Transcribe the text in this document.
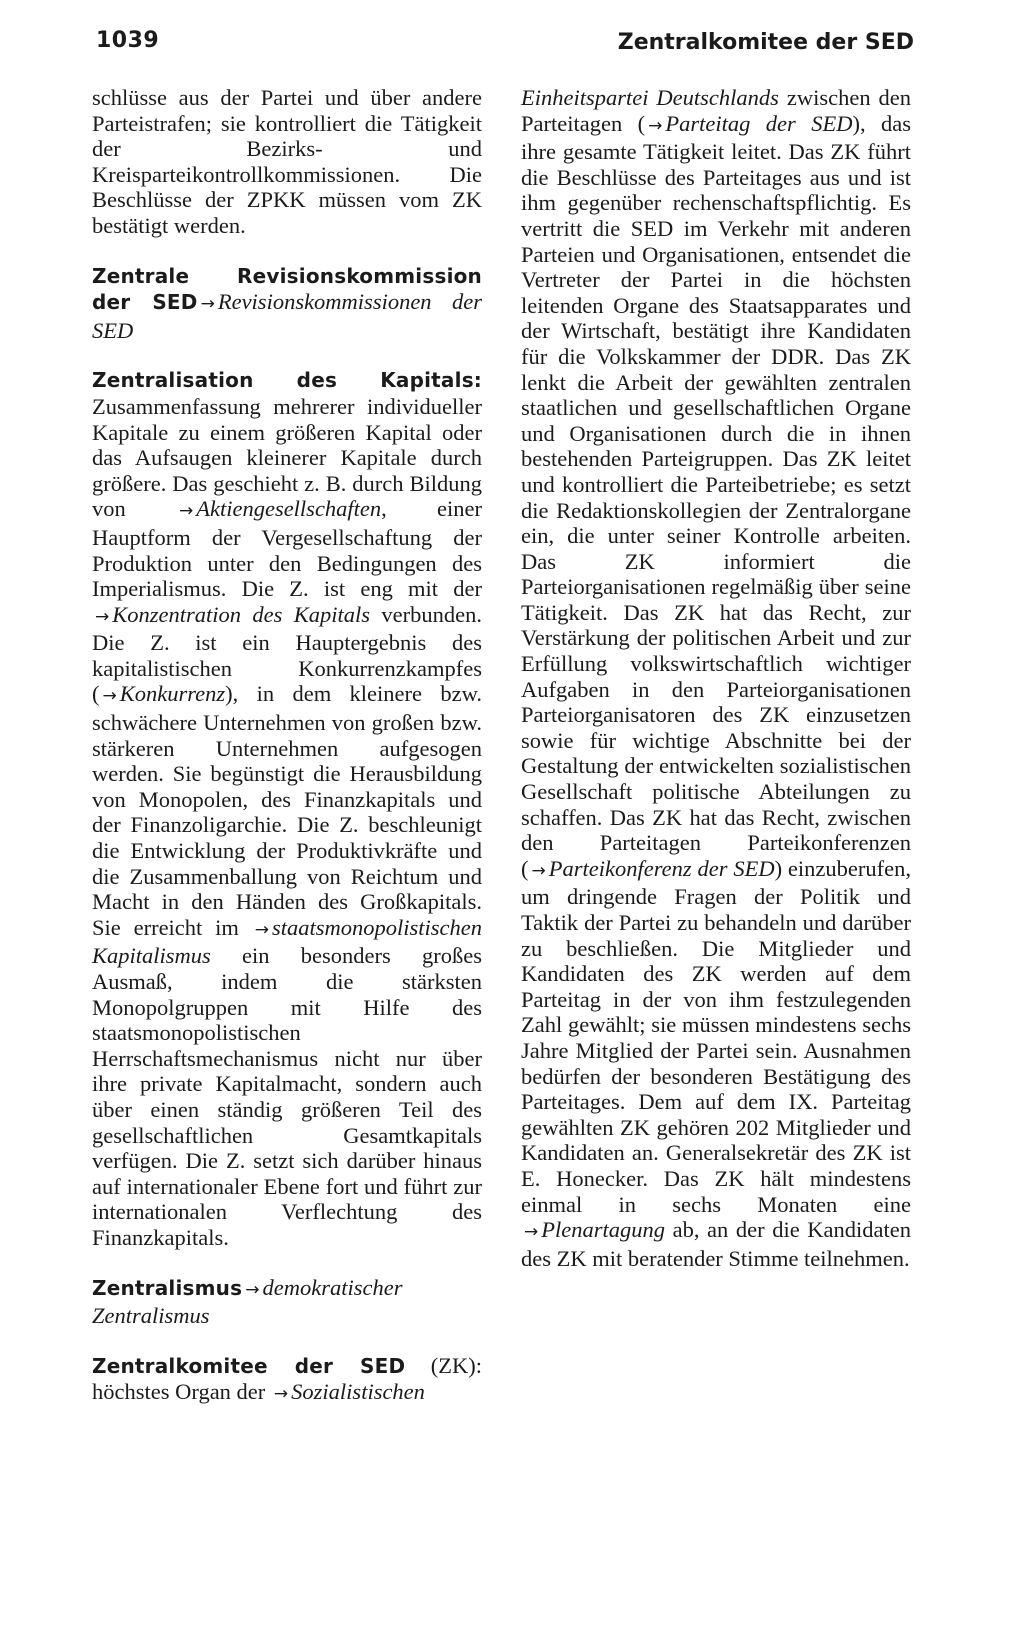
1039	Zentralkomitee der SED

schlüsse aus der Partei und über andere Parteistrafen; sie kontrolliert die Tätigkeit der Bezirks- und Kreisparteikontrollkommissionen. Die Beschlüsse der ZPKK müssen vom ZK bestätigt werden.

Zentrale Revisionskommission der SED → Revisionskommissionen der SED

Zentralisation des Kapitals: Zusammenfassung mehrerer individueller Kapitale zu einem größeren Kapital oder das Aufsaugen kleinerer Kapitale durch größere. Das geschieht z. B. durch Bildung von → Aktiengesellschaften, einer Hauptform der Vergesellschaftung der Produktion unter den Bedingungen des Imperialismus. Die Z. ist eng mit der → Konzentration des Kapitals verbunden. Die Z. ist ein Hauptergebnis des kapitalistischen Konkurrenzkampfes ( → Konkurrenz), in dem kleinere bzw. schwächere Unternehmen von großen bzw. stärkeren Unternehmen aufgesogen werden. Sie begünstigt die Herausbildung von Monopolen, des Finanzkapitals und der Finanzoligarchie. Die Z. beschleunigt die Entwicklung der Produktivkräfte und die Zusammenballung von Reichtum und Macht in den Händen des Großkapitals. Sie erreicht im → staatsmonopolistischen Kapitalismus ein besonders großes Ausmaß, indem die stärksten Monopolgruppen mit Hilfe des staatsmonopolistischen Herrschaftsmechanismus nicht nur über ihre private Kapitalmacht, sondern auch über einen ständig größeren Teil des gesellschaftlichen Gesamtkapitals verfügen. Die Z. setzt sich darüber hinaus auf internationaler Ebene fort und führt zur internationalen Verflechtung des Finanzkapitals.

Zentralismus → demokratischer Zentralismus

Zentralkomitee der SED (ZK): höchstes Organ der → Sozialistischen

Einheitspartei Deutschlands zwischen den Parteitagen ( → Parteitag der SED), das ihre gesamte Tätigkeit leitet. Das ZK führt die Beschlüsse des Parteitages aus und ist ihm gegenüber rechenschaftspflichtig. Es vertritt die SED im Verkehr mit anderen Parteien und Organisationen, entsendet die Vertreter der Partei in die höchsten leitenden Organe des Staatsapparates und der Wirtschaft, bestätigt ihre Kandidaten für die Volkskammer der DDR. Das ZK lenkt die Arbeit der gewählten zentralen staatlichen und gesellschaftlichen Organe und Organisationen durch die in ihnen bestehenden Parteigruppen. Das ZK leitet und kontrolliert die Parteibetriebe; es setzt die Redaktionskollegien der Zentralorgane ein, die unter seiner Kontrolle arbeiten. Das ZK informiert die Parteiorganisationen regelmäßig über seine Tätigkeit. Das ZK hat das Recht, zur Verstärkung der politischen Arbeit und zur Erfüllung volkswirtschaftlich wichtiger Aufgaben in den Parteiorganisationen Parteiorganisatoren des ZK einzusetzen sowie für wichtige Abschnitte bei der Gestaltung der entwickelten sozialistischen Gesellschaft politische Abteilungen zu schaffen. Das ZK hat das Recht, zwischen den Parteitagen Parteikonferenzen ( → Parteikonferenz der SED) einzuberufen, um dringende Fragen der Politik und Taktik der Partei zu behandeln und darüber zu beschließen. Die Mitglieder und Kandidaten des ZK werden auf dem Parteitag in der von ihm festzulegenden Zahl gewählt; sie müssen mindestens sechs Jahre Mitglied der Partei sein. Ausnahmen bedürfen der besonderen Bestätigung des Parteitages. Dem auf dem IX. Parteitag gewählten ZK gehören 202 Mitglieder und Kandidaten an. Generalsekretär des ZK ist E. Honecker. Das ZK hält mindestens einmal in sechs Monaten eine → Plenartagung ab, an der die Kandidaten des ZK mit beratender Stimme teilnehmen.
